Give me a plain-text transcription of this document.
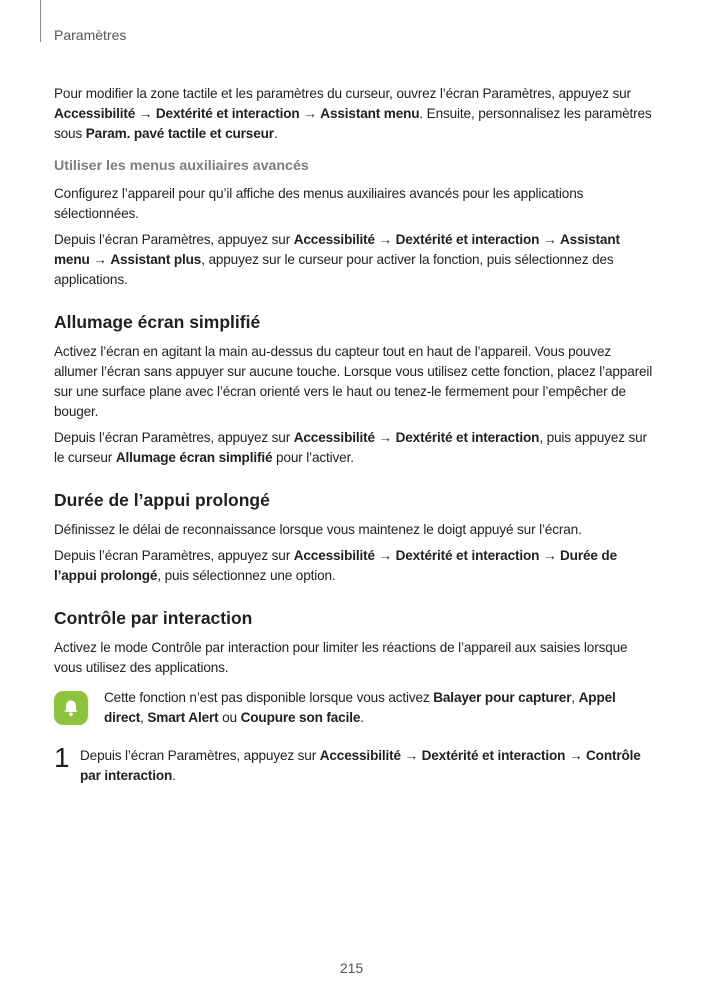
Paramètres

Pour modifier la zone tactile et les paramètres du curseur, ouvrez l’écran Paramètres, appuyez sur Accessibilité → Dextérité et interaction → Assistant menu. Ensuite, personnalisez les paramètres sous Param. pavé tactile et curseur.

Utiliser les menus auxiliaires avancés

Configurez l’appareil pour qu’il affiche des menus auxiliaires avancés pour les applications sélectionnées.

Depuis l’écran Paramètres, appuyez sur Accessibilité → Dextérité et interaction → Assistant menu → Assistant plus, appuyez sur le curseur pour activer la fonction, puis sélectionnez des applications.

Allumage écran simplifié

Activez l’écran en agitant la main au-dessus du capteur tout en haut de l’appareil. Vous pouvez allumer l’écran sans appuyer sur aucune touche. Lorsque vous utilisez cette fonction, placez l’appareil sur une surface plane avec l’écran orienté vers le haut ou tenez-le fermement pour l’empêcher de bouger.

Depuis l’écran Paramètres, appuyez sur Accessibilité → Dextérité et interaction, puis appuyez sur le curseur Allumage écran simplifié pour l’activer.

Durée de l’appui prolongé

Définissez le délai de reconnaissance lorsque vous maintenez le doigt appuyé sur l’écran.

Depuis l’écran Paramètres, appuyez sur Accessibilité → Dextérité et interaction → Durée de l’appui prolongé, puis sélectionnez une option.

Contrôle par interaction

Activez le mode Contrôle par interaction pour limiter les réactions de l’appareil aux saisies lorsque vous utilisez des applications.

Cette fonction n’est pas disponible lorsque vous activez Balayer pour capturer, Appel direct, Smart Alert ou Coupure son facile.

1 Depuis l’écran Paramètres, appuyez sur Accessibilité → Dextérité et interaction → Contrôle par interaction.

215
